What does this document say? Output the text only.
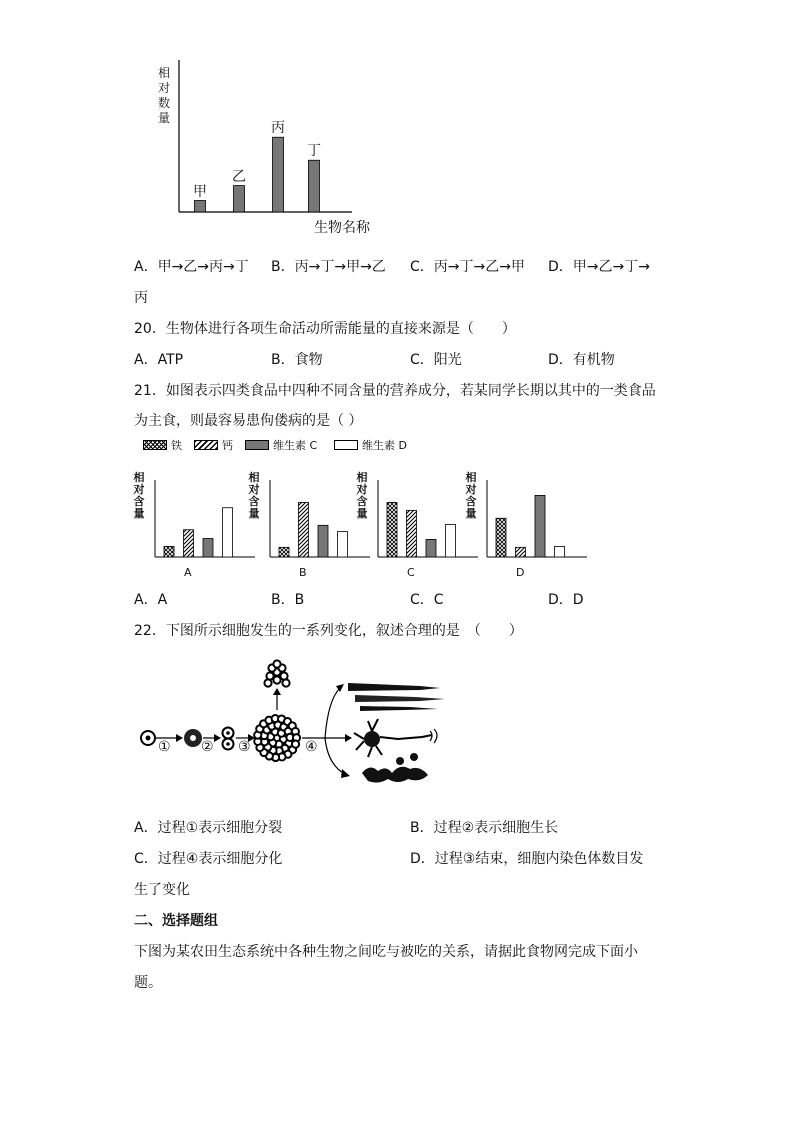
相
对
数
量
甲
乙
丙
丁
生物名称
A．甲→乙→丙→丁 B．丙→丁→甲→乙 C．丙→丁→乙→甲 D．甲→乙→丁→
丙
20．生物体进行各项生命活动所需能量的直接来源是（　　）
A．ATP	B．食物	C．阳光	D．有机物
21．如图表示四类食品中四种不同含量的营养成分，若某同学长期以其中的一类食品
为主食，则最容易患佝偻病的是（ ）
铁	钙	维生素 C	维生素 D
相
对
含
量
A
相
对
含
量
B
相
对
含
量
C
相
对
含
量
D
A．A	B．B	C．C	D．D
22．下图所示细胞发生的一系列变化，叙述合理的是　（　　）
① ② ③	④
A．过程①表示细胞分裂	B．过程②表示细胞生长
C．过程④表示细胞分化	D．过程③结束，细胞内染色体数目发
生了变化
二、选择题组
下图为某农田生态系统中各种生物之间吃与被吃的关系，请据此食物网完成下面小
题。
